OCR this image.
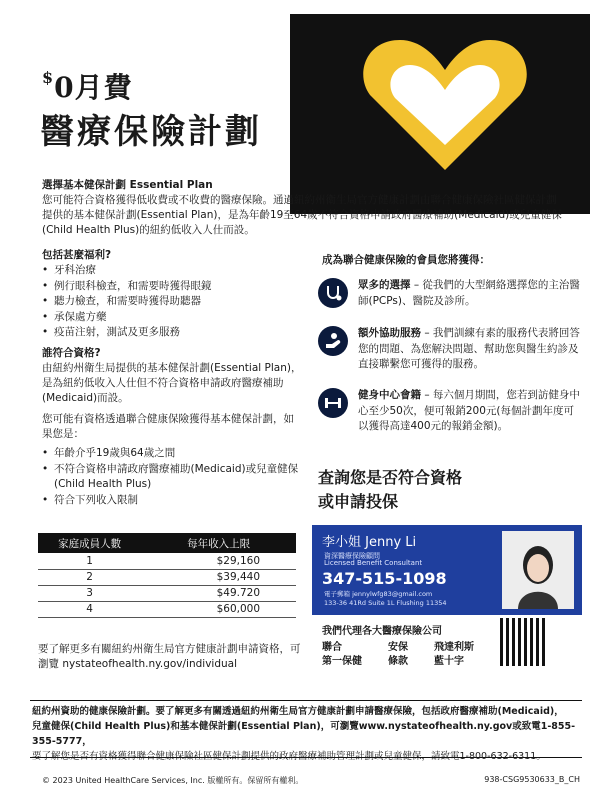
$0月費
醫療保險計劃
選擇基本健保計劃 Essential Plan
您可能符合資格獲得低收費或不收費的醫療保險。通過紐約州衛生局官方健康計劃由聯合健康保險社區健保計劃提供的基本健保計劃(Essential Plan)，是為年齡19至64歲不符合資格申請政府醫療補助(Medicaid)或兒童健保(Child Health Plus)的紐約低收入人仕而設。
包括甚麼福利?
• 牙科治療
• 例行眼科檢查，和需要時獲得眼鏡
• 聽力檢查，和需要時獲得助聽器
• 承保處方藥
• 疫苗注射，測試及更多服務
誰符合資格?
由紐約州衛生局提供的基本健保計劃(Essential Plan)，是為紐約低收入人仕但不符合資格申請政府醫療補助(Medicaid)而設。
您可能有資格透過聯合健康保險獲得基本健保計劃，如果您是：
• 年齡介乎19歲與64歲之間
• 不符合資格申請政府醫療補助(Medicaid)或兒童健保(Child Health Plus)
• 符合下列收入限制
家庭成員人數	每年收入上限
1	$29,160
2	$39,440
3	$49.720
4	$60,000
要了解更多有關紐約州衛生局官方健康計劃申請資格，可瀏覽 nystateofhealth.ny.gov/individual
成為聯合健康保險的會員您將獲得：
眾多的選擇 – 從我們的大型網絡選擇您的主治醫師(PCPs)、醫院及診所。
額外協助服務 – 我們訓練有素的服務代表將回答您的問題、為您解決問題、幫助您與醫生約診及直接聯繫您可獲得的服務。
健身中心會籍 – 每六個月期間，您若到訪健身中心至少50次，便可報銷200元(每個計劃年度可以獲得高達400元的報銷金額)。
查詢您是否符合資格
或申請投保
李小姐 Jenny Li
資深醫療保險顧問
Licensed Benefit Consultant
347-515-1098
電子郵箱 jennylwfg83@gmail.com
133-36 41Rd Suite 1L Flushing 11354
我們代理各大醫療保險公司
聯合	安保	飛達利斯
第一保健	條款	藍十字
紐約州資助的健康保險計劃。要了解更多有關透過紐約州衛生局官方健康計劃申請醫療保險，包括政府醫療補助(Medicaid)，
兒童健保(Child Health Plus)和基本健保計劃(Essential Plan)，可瀏覽www.nystateofhealth.ny.gov或致電1-855-355-5777，
要了解您是否有資格獲得聯合健康保險社區健保計劃提供的政府醫療補助管理計劃或兒童健保，請致電1-800-632-6311。
© 2023 United HealthCare Services, Inc. 版權所有。保留所有權利。	938-CSG9530633_B_CH
